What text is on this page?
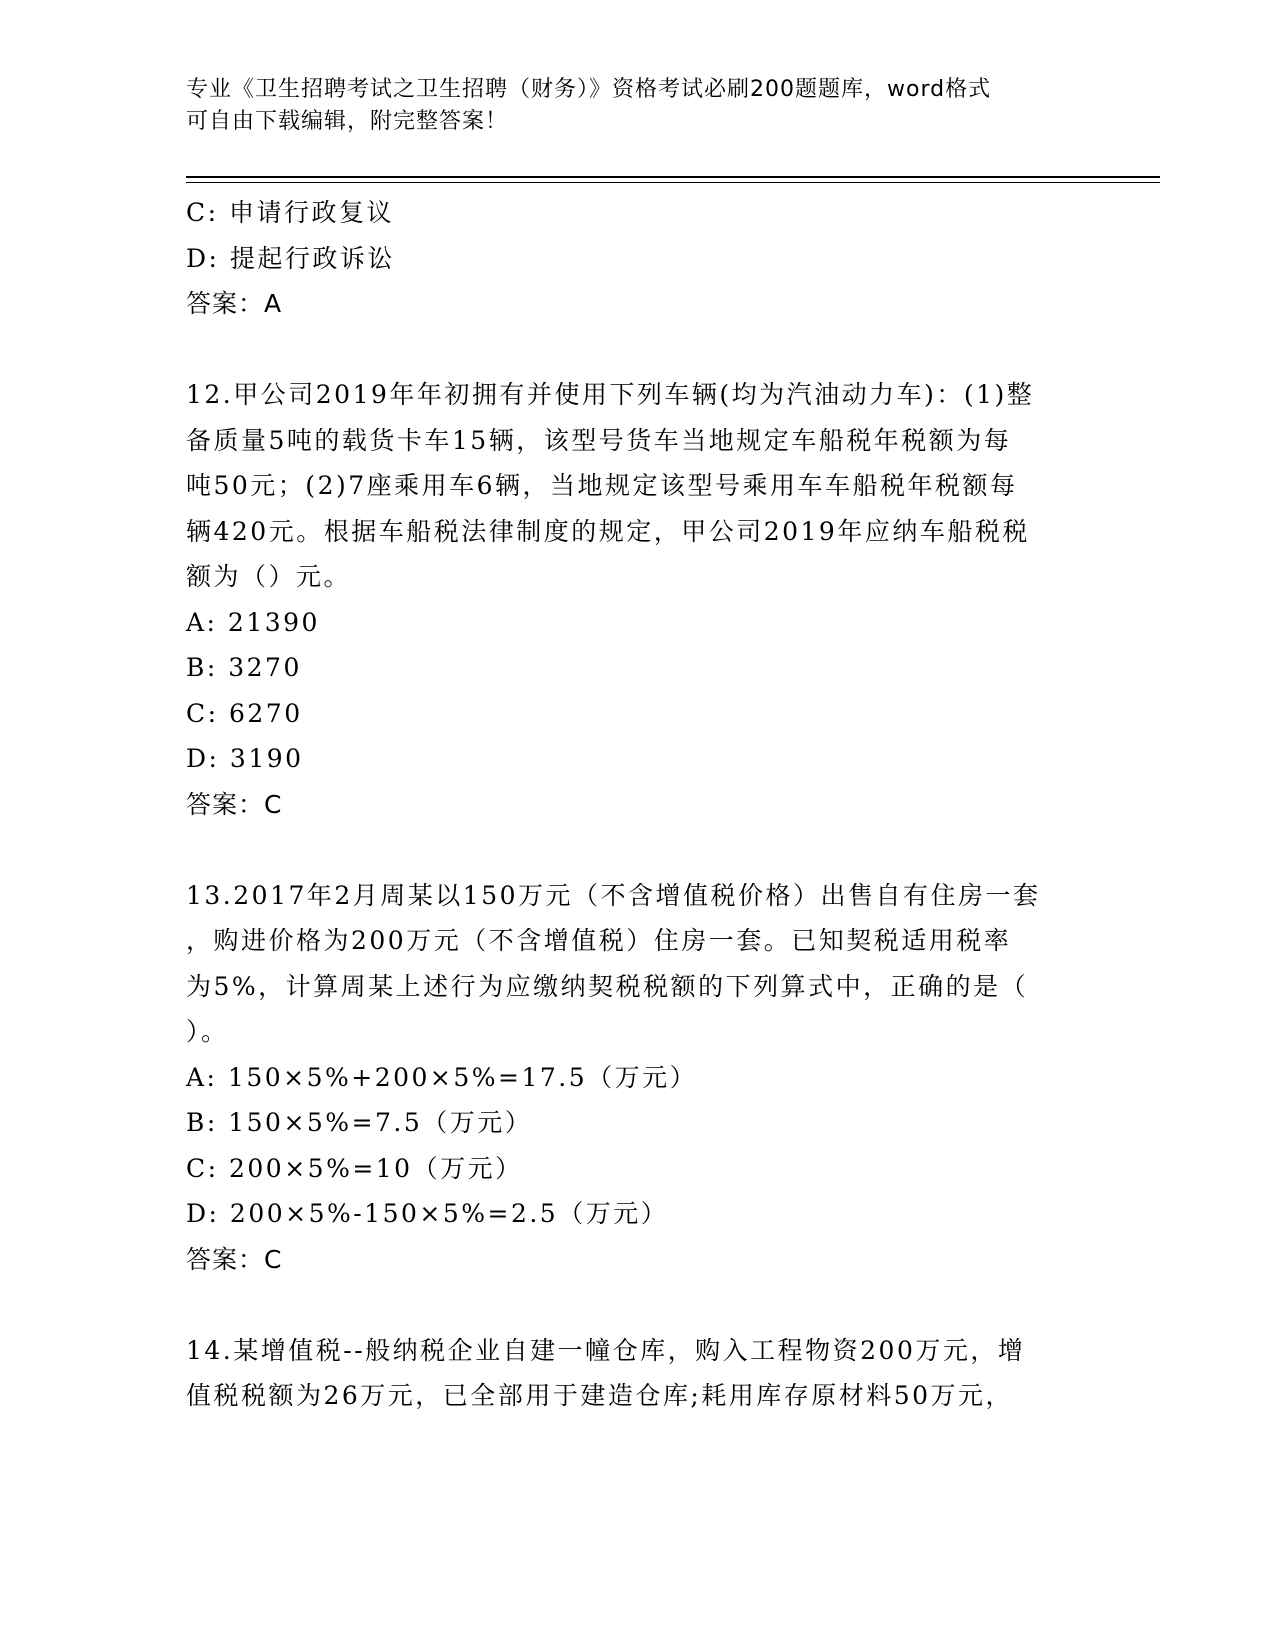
专业《卫生招聘考试之卫生招聘（财务）》资格考试必刷200题题库，word格式
可自由下载编辑，附完整答案！
C: 申请行政复议
D: 提起行政诉讼
答案：A
12.甲公司2019年年初拥有并使用下列车辆(均为汽油动力车)：(1)整
备质量5吨的载货卡车15辆，该型号货车当地规定车船税年税额为每
吨50元；(2)7座乘用车6辆，当地规定该型号乘用车车船税年税额每
辆420元。根据车船税法律制度的规定，甲公司2019年应纳车船税税
额为（）元。
A: 21390
B: 3270
C: 6270
D: 3190
答案：C
13.2017年2月周某以150万元（不含增值税价格）出售自有住房一套
，购进价格为200万元（不含增值税）住房一套。已知契税适用税率
为5%，计算周某上述行为应缴纳契税税额的下列算式中，正确的是（
）。
A: 150×5%+200×5%=17.5（万元）
B: 150×5%=7.5（万元）
C: 200×5%=10（万元）
D: 200×5%-150×5%=2.5（万元）
答案：C
14.某增值税--般纳税企业自建一幢仓库，购入工程物资200万元，增
值税税额为26万元，已全部用于建造仓库;耗用库存原材料50万元，
